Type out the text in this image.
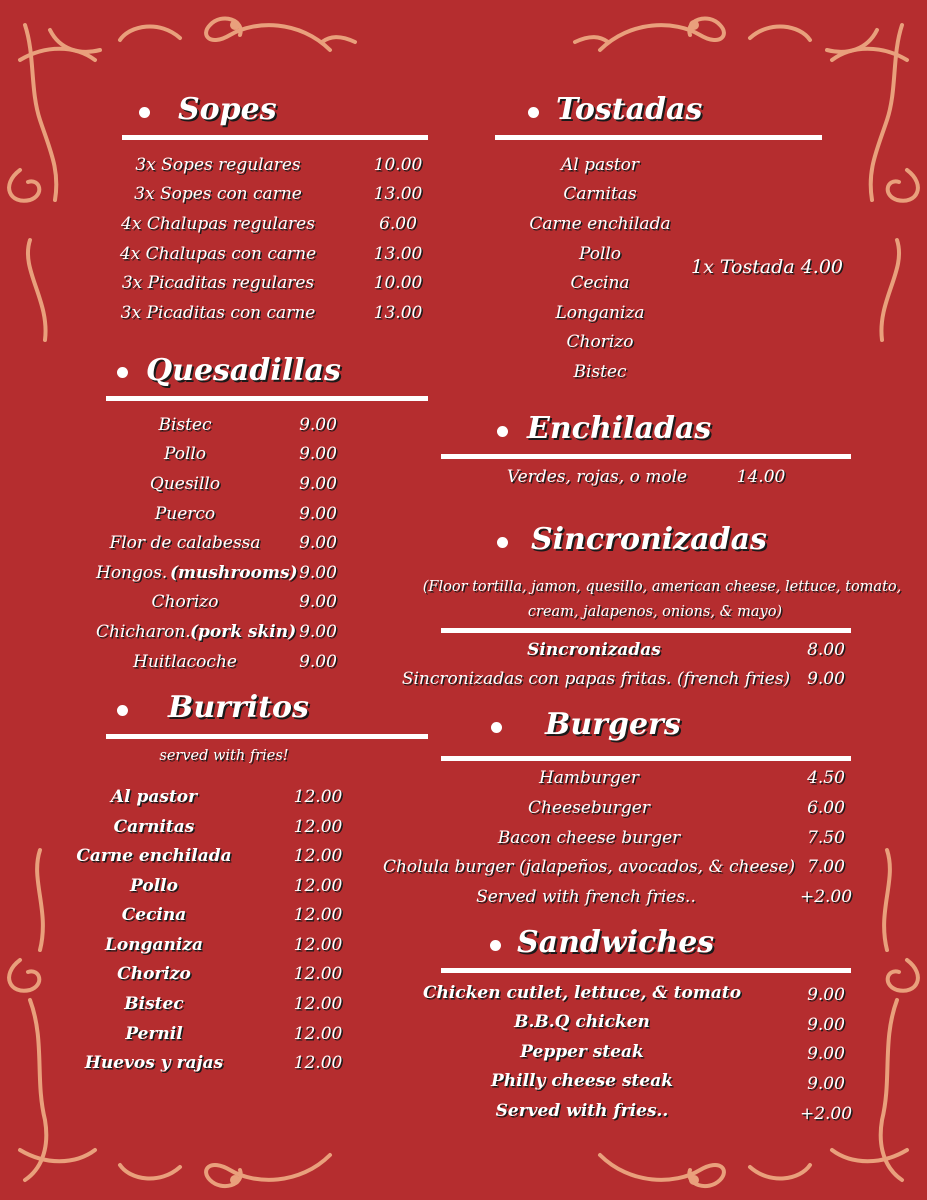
Sopes
3x Sopes regulares	10.00
3x Sopes con carne	13.00
4x Chalupas regulares	6.00
4x Chalupas con carne	13.00
3x Picaditas regulares	10.00
3x Picaditas con carne	13.00
Tostadas
Al pastor
Carnitas
Carne enchilada
Pollo
Cecina
Longaniza
Chorizo
Bistec
1x Tostada 4.00
Quesadillas
Bistec	9.00
Pollo	9.00
Quesillo	9.00
Puerco	9.00
Flor de calabessa 9.00
Hongos. (mushrooms) 9.00
Chorizo	9.00
Chicharon. (pork skin) 9.00
Huitlacoche	9.00
Enchiladas
Verdes, rojas, o mole	14.00
Sincronizadas
(Floor tortilla, jamon, quesillo, american cheese, lettuce, tomato,
cream, jalapenos, onions, & mayo)
Sincronizadas	8.00
Sincronizadas con papas fritas. (french fries) 9.00
Burritos
served with fries!
Al pastor	12.00
Carnitas	12.00
Carne enchilada	12.00
Pollo	12.00
Cecina	12.00
Longaniza	12.00
Chorizo	12.00
Bistec	12.00
Pernil	12.00
Huevos y rajas	12.00
Burgers
Hamburger	4.50
Cheeseburger	6.00
Bacon cheese burger	7.50
Cholula burger (jalapeños, avocados, & cheese) 7.00
Served with french fries..	+2.00
Sandwiches
Chicken cutlet, lettuce, & tomato	9.00
B.B.Q chicken	9.00
Pepper steak	9.00
Philly cheese steak	9.00
Served with fries..	+2.00
